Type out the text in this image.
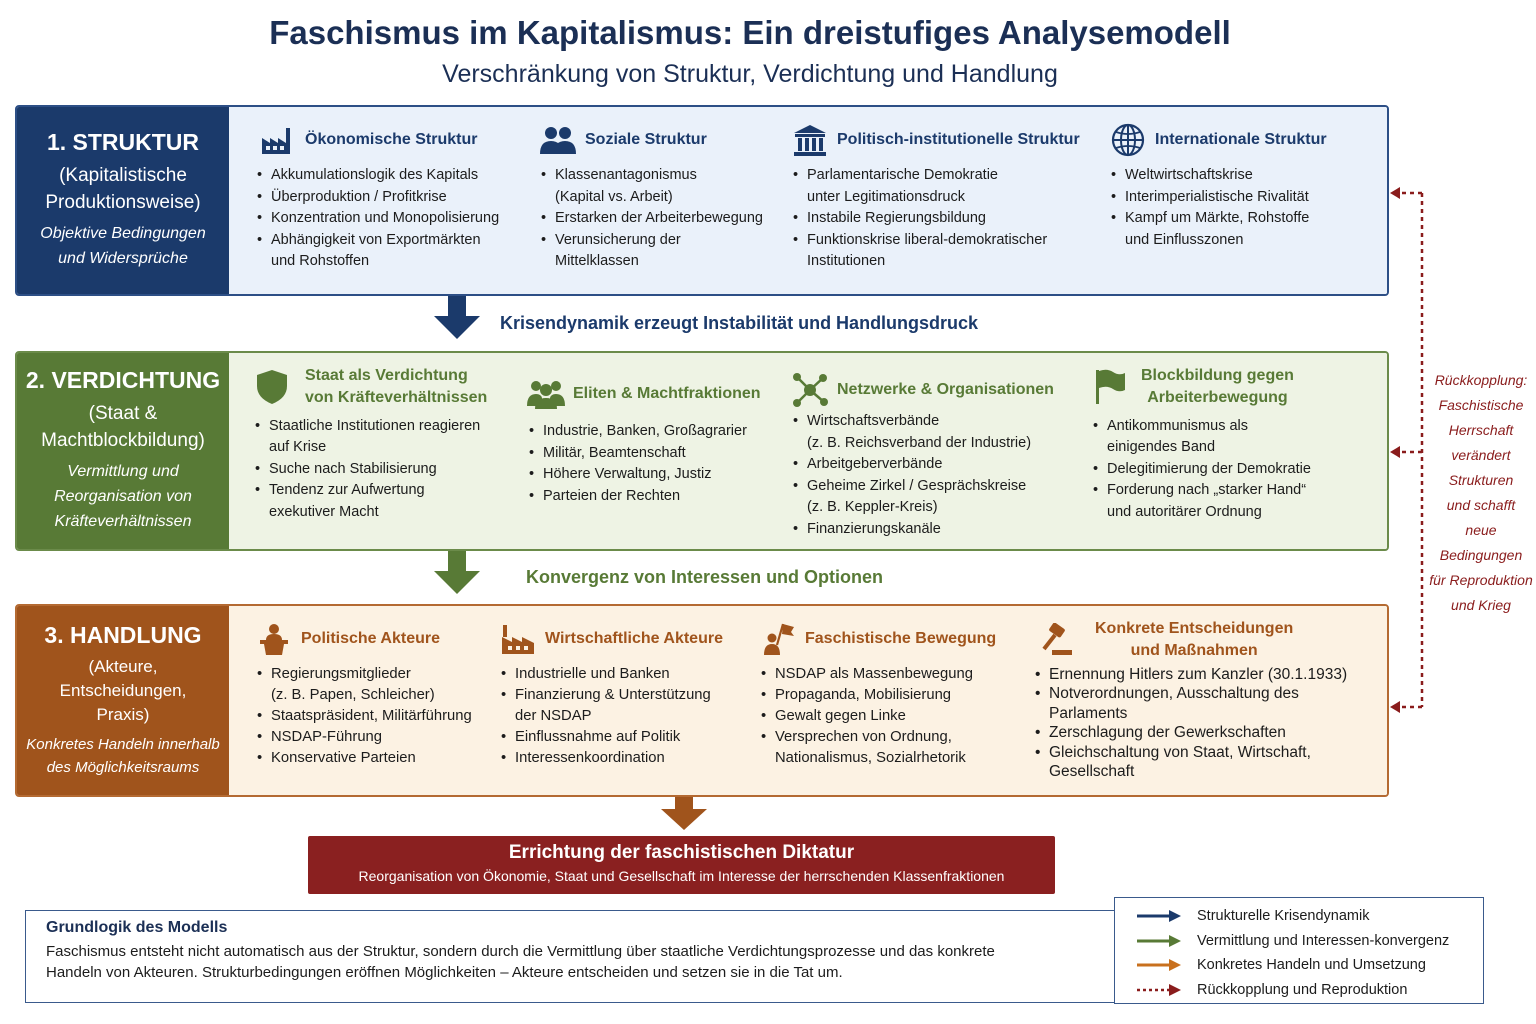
Faschismus im Kapitalismus: Ein dreistufiges Analysemodell
Verschränkung von Struktur, Verdichtung und Handlung
1. STRUKTUR
(Kapitalistische
Produktionsweise)
Objektive Bedingungen
und Widersprüche
Ökonomische Struktur
• Akkumulationslogik des Kapitals
• Überproduktion / Profitkrise
• Konzentration und Monopolisierung
• Abhängigkeit von Exportmärkten
und Rohstoffen
Soziale Struktur
• Klassenantagonismus
(Kapital vs. Arbeit)
• Erstarken der Arbeiterbewegung
• Verunsicherung der
Mittelklassen
Politisch-institutionelle Struktur
• Parlamentarische Demokratie
unter Legitimationsdruck
• Instabile Regierungsbildung
• Funktionskrise liberal-demokratischer
Institutionen
Internationale Struktur
• Weltwirtschaftskrise
• Interimperialistische Rivalität
• Kampf um Märkte, Rohstoffe
und Einflusszonen
Krisendynamik erzeugt Instabilität und Handlungsdruck
2. VERDICHTUNG
(Staat &
Machtblockbildung)
Vermittlung und
Reorganisation von
Kräfteverhältnissen
Staat als Verdichtung
von Kräfteverhältnissen
• Staatliche Institutionen reagieren
auf Krise
• Suche nach Stabilisierung
• Tendenz zur Aufwertung
exekutiver Macht
Eliten & Machtfraktionen
• Industrie, Banken, Großagrarier
• Militär, Beamtenschaft
• Höhere Verwaltung, Justiz
• Parteien der Rechten
Netzwerke & Organisationen
• Wirtschaftsverbände
(z. B. Reichsverband der Industrie)
• Arbeitgeberverbände
• Geheime Zirkel / Gesprächskreise
(z. B. Keppler-Kreis)
• Finanzierungskanäle
Blockbildung gegen
Arbeiterbewegung
• Antikommunismus als
einigendes Band
• Delegitimierung der Demokratie
• Forderung nach „starker Hand“
und autoritärer Ordnung
Konvergenz von Interessen und Optionen
3. HANDLUNG
(Akteure, Entscheidungen,
Praxis)
Konkretes Handeln innerhalb
des Möglichkeitsraums
Politische Akteure
• Regierungsmitglieder
(z. B. Papen, Schleicher)
• Staatspräsident, Militärführung
• NSDAP-Führung
• Konservative Parteien
Wirtschaftliche Akteure
• Industrielle und Banken
• Finanzierung & Unterstützung
der NSDAP
• Einflussnahme auf Politik
• Interessenkoordination
Faschistische Bewegung
• NSDAP als Massenbewegung
• Propaganda, Mobilisierung
• Gewalt gegen Linke
• Versprechen von Ordnung,
Nationalismus, Sozialrhetorik
Konkrete Entscheidungen
und Maßnahmen
• Ernennung Hitlers zum Kanzler (30.1.1933)
• Notverordnungen, Ausschaltung des
Parlaments
• Zerschlagung der Gewerkschaften
• Gleichschaltung von Staat, Wirtschaft,
Gesellschaft
Errichtung der faschistischen Diktatur
Reorganisation von Ökonomie, Staat und Gesellschaft im Interesse der herrschenden Klassenfraktionen
Rückkopplung:
Faschistische
Herrschaft
verändert
Strukturen
und schafft
neue
Bedingungen
für Reproduktion
und Krieg
Grundlogik des Modells
Faschismus entsteht nicht automatisch aus der Struktur, sondern durch die Vermittlung über staatliche Verdichtungsprozesse und das konkrete Handeln von Akteuren. Strukturbedingungen eröffnen Möglichkeiten – Akteure entscheiden und setzen sie in die Tat um.
Strukturelle Krisendynamik
Vermittlung und Interessen-konvergenz
Konkretes Handeln und Umsetzung
Rückkopplung und Reproduktion
